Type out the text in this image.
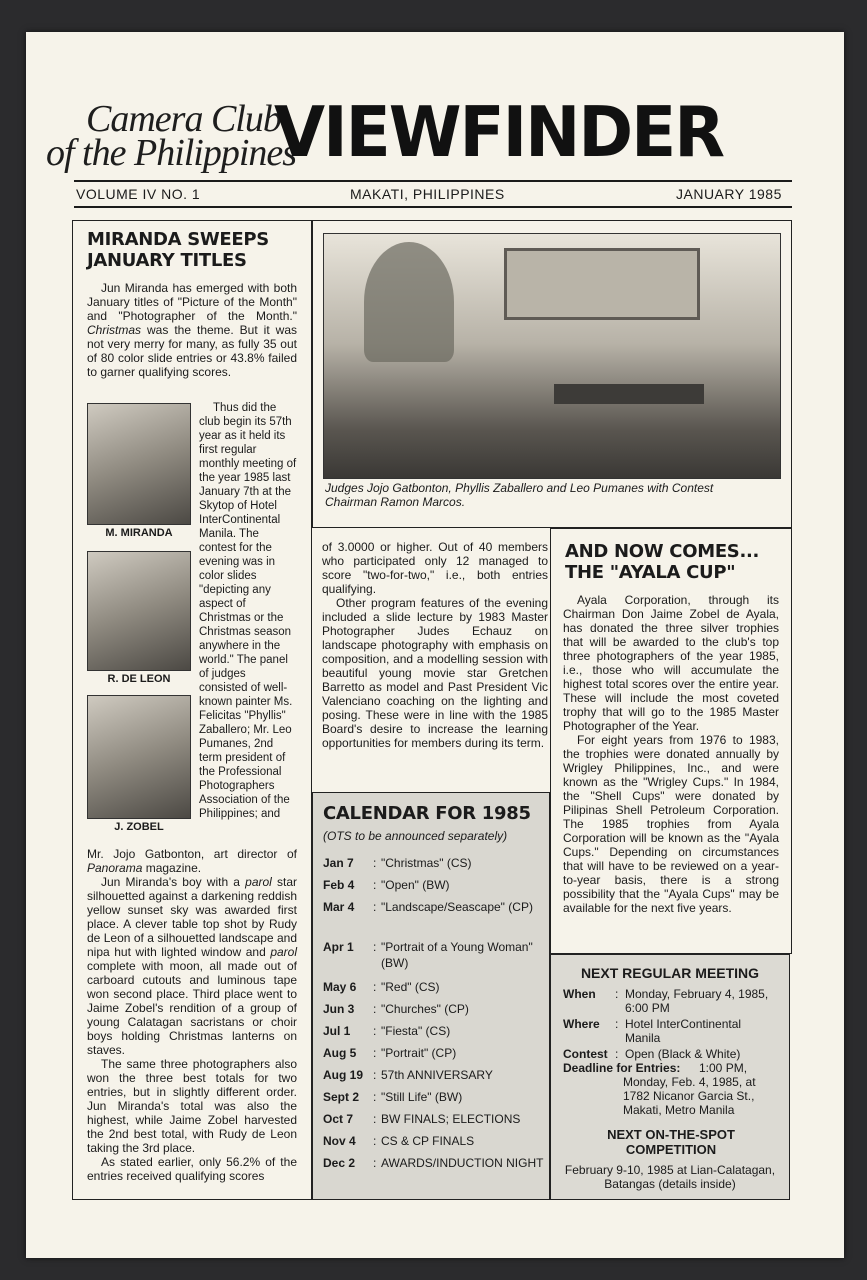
Camera Club
of the Philippines
VIEWFINDER
VOLUME IV NO. 1	MAKATI, PHILIPPINES	JANUARY 1985
MIRANDA SWEEPS JANUARY TITLES

Jun Miranda has emerged with both January titles of "Picture of the Month" and "Photographer of the Month." Christmas was the theme. But it was not very merry for many, as fully 35 out of 80 color slide entries or 43.8% failed to garner qualifying scores.

M. MIRANDA
R. DE LEON
J. ZOBEL

Thus did the club begin its 57th year as it held its first regular monthly meeting of the year 1985 last January 7th at the Skytop of Hotel InterContinental Manila. The contest for the evening was in color slides "depicting any aspect of Christmas or the Christmas season anywhere in the world." The panel of judges consisted of well-known painter Ms. Felicitas "Phyllis" Zaballero; Mr. Leo Pumanes, 2nd term president of the Professional Photographers Association of the Philippines; and

Mr. Jojo Gatbonton, art director of Panorama magazine.

Jun Miranda's boy with a parol star silhouetted against a darkening reddish yellow sunset sky was awarded first place. A clever table top shot by Rudy de Leon of a silhouetted landscape and nipa hut with lighted window and parol complete with moon, all made out of carboard cutouts and luminous tape won second place. Third place went to Jaime Zobel's rendition of a group of young Calatagan sacristans or choir boys holding Christmas lanterns on staves.

The same three photographers also won the three best totals for two entries, but in slightly different order. Jun Miranda's total was also the highest, while Jaime Zobel harvested the 2nd best total, with Rudy de Leon taking the 3rd place.

As stated earlier, only 56.2% of the entries received qualifying scores

Judges Jojo Gatbonton, Phyllis Zaballero and Leo Pumanes with Contest Chairman Ramon Marcos.

of 3.0000 or higher. Out of 40 members who participated only 12 managed to score "two-for-two," i.e., both entries qualifying.

Other program features of the evening included a slide lecture by 1983 Master Photographer Judes Echauz on landscape photography with emphasis on composition, and a modelling session with beautiful young movie star Gretchen Barretto as model and Past President Vic Valenciano coaching on the lighting and posing. These were in line with the 1985 Board's desire to increase the learning opportunities for members during its term.

CALENDAR FOR 1985
(OTS to be announced separately)
Jan 7	: "Christmas" (CS)
Feb 4	: "Open" (BW)
Mar 4	: "Landscape/Seascape" (CP)
Apr 1	: "Portrait of a Young Woman" (BW)
May 6	: "Red" (CS)
Jun 3	: "Churches" (CP)
Jul 1	: "Fiesta" (CS)
Aug 5	: "Portrait" (CP)
Aug 19 : 57th ANNIVERSARY
Sept 2	: "Still Life" (BW)
Oct 7	: BW FINALS; ELECTIONS
Nov 4	: CS & CP FINALS
Dec 2	: AWARDS/INDUCTION NIGHT
AND NOW COMES... THE "AYALA CUP"

Ayala Corporation, through its Chairman Don Jaime Zobel de Ayala, has donated the three silver trophies that will be awarded to the club's top three photographers of the year 1985, i.e., those who will accumulate the highest total scores over the entire year. These will include the most coveted trophy that will go to the 1985 Master Photographer of the Year.

For eight years from 1976 to 1983, the trophies were donated annually by Wrigley Philippines, Inc., and were known as the "Wrigley Cups." In 1984, the "Shell Cups" were donated by Pilipinas Shell Petroleum Corporation. The 1985 trophies from Ayala Corporation will be known as the "Ayala Cups." Depending on circumstances that will have to be reviewed on a year-to-year basis, there is a strong possibility that the "Ayala Cups" may be available for the next five years.

NEXT REGULAR MEETING
When : Monday, February 4, 1985, 6:00 PM
Where : Hotel InterContinental Manila
Contest : Open (Black & White)
Deadline for Entries:	1:00 PM, Monday, Feb. 4, 1985, at 1782 Nicanor Garcia St., Makati, Metro Manila
NEXT ON-THE-SPOT COMPETITION
February 9-10, 1985 at Lian-Calatagan, Batangas (details inside)
